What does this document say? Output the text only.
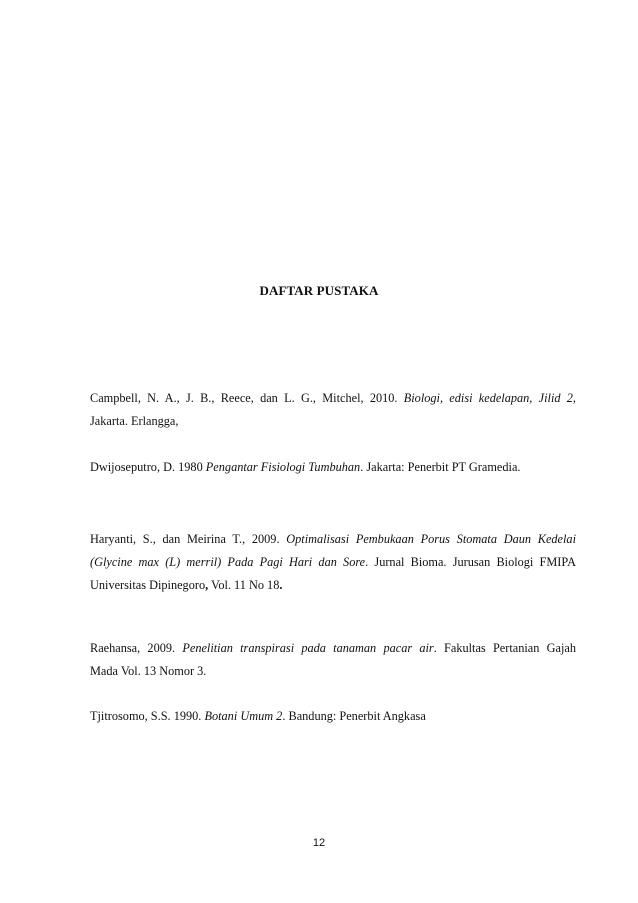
DAFTAR PUSTAKA
Campbell, N. A., J. B., Reece, dan L. G., Mitchel, 2010. Biologi, edisi kedelapan, Jilid 2,
Jakarta. Erlangga,
Dwijoseputro, D. 1980 Pengantar Fisiologi Tumbuhan. Jakarta: Penerbit PT Gramedia.
Haryanti, S., dan Meirina T., 2009. Optimalisasi Pembukaan Porus Stomata Daun Kedelai
(Glycine max (L) merril) Pada Pagi Hari dan Sore. Jurnal Bioma. Jurusan Biologi FMIPA
Universitas Dipinegoro, Vol. 11 No 18.
Raehansa, 2009. Penelitian transpirasi pada tanaman pacar air. Fakultas Pertanian Gajah
Mada Vol. 13 Nomor 3.
Tjitrosomo, S.S. 1990. Botani Umum 2. Bandung: Penerbit Angkasa
12
